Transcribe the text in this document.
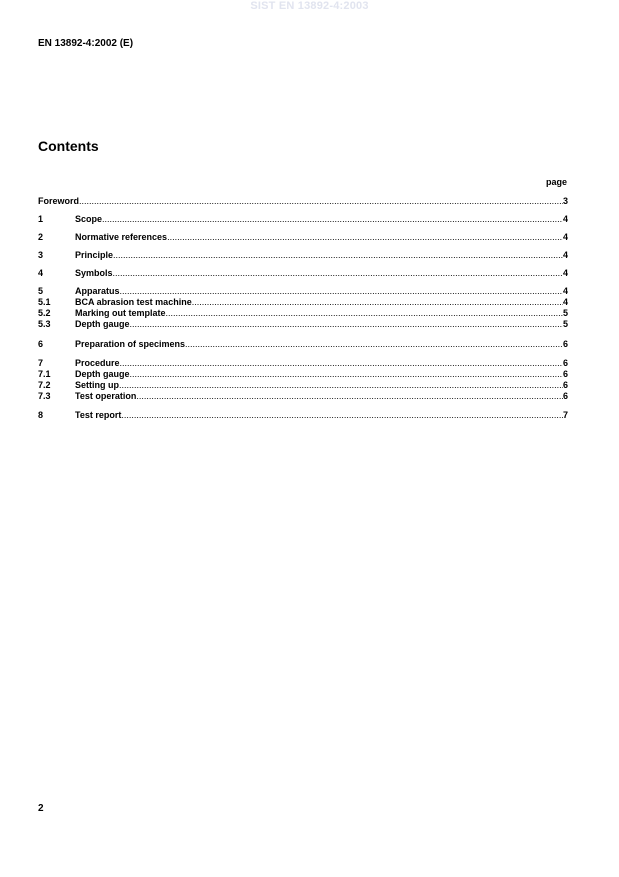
SIST EN 13892-4:2003
EN 13892-4:2002 (E)
Contents
page
Foreword .....	3
1	Scope .....	4
2	Normative references .....	4
3	Principle .....	4
4	Symbols .....	4
5	Apparatus .....	4
5.1	BCA abrasion test machine .....	4
5.2	Marking out template .....	5
5.3	Depth gauge .....	5
6	Preparation of specimens .....	6
7	Procedure .....	6
7.1	Depth gauge .....	6
7.2	Setting up .....	6
7.3	Test operation .....	6
8	Test report .....	7
2
